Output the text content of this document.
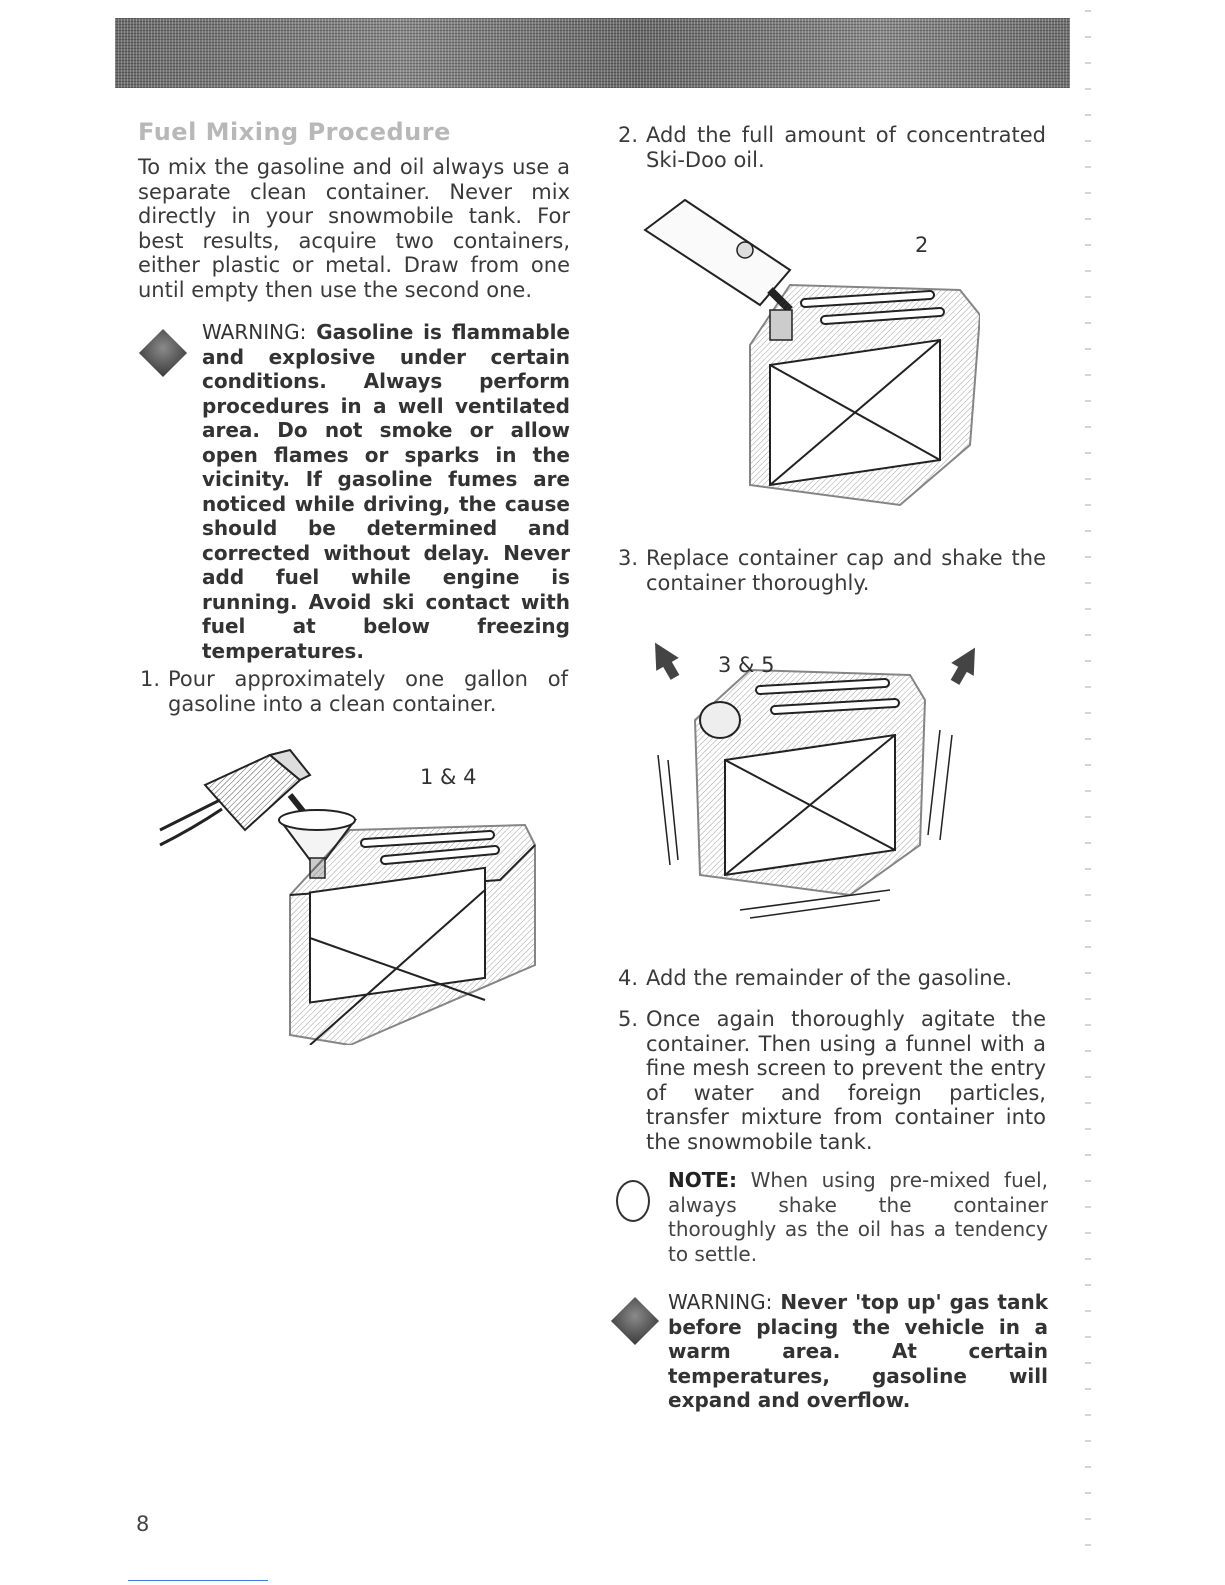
Fuel Mixing Procedure

To mix the gasoline and oil always use a separate clean container. Never mix directly in your snowmobile tank. For best results, acquire two containers, either plastic or metal. Draw from one until empty then use the second one.

WARNING: Gasoline is flammable and explosive under certain conditions. Always perform procedures in a well ventilated area. Do not smoke or allow open flames or sparks in the vicinity. If gasoline fumes are noticed while driving, the cause should be determined and corrected without delay. Never add fuel while engine is running. Avoid ski contact with fuel at below freezing temperatures.

1. Pour approximately one gallon of gasoline into a clean container.

1 & 4
2. Add the full amount of concentrated Ski-Doo oil.

2
3. Replace container cap and shake the container thoroughly.

3 & 5
4. Add the remainder of the gasoline.

5. Once again thoroughly agitate the container. Then using a funnel with a fine mesh screen to prevent the entry of water and foreign particles, transfer mixture from container into the snowmobile tank.

NOTE: When using pre-mixed fuel, always shake the container thoroughly as the oil has a tendency to settle.

WARNING: Never 'top up' gas tank before placing the vehicle in a warm area. At certain temperatures, gasoline will expand and overflow.

8
